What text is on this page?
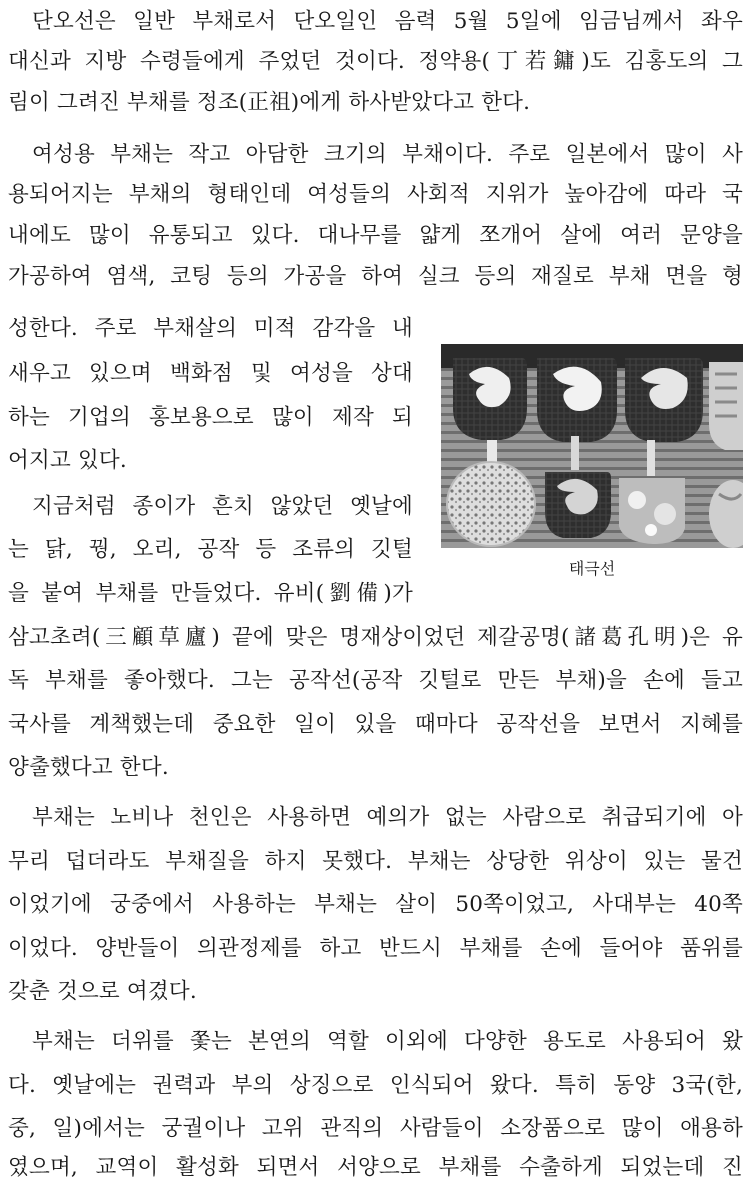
단오선은 일반 부채로서 단오일인 음력 5월 5일에 임금님께서 좌우
대신과 지방 수령들에게 주었던 것이다. 정약용(丁若鏞)도 김홍도의 그
림이 그려진 부채를 정조(正祖)에게 하사받았다고 한다.
여성용 부채는 작고 아담한 크기의 부채이다. 주로 일본에서 많이 사
용되어지는 부채의 형태인데 여성들의 사회적 지위가 높아감에 따라 국
내에도 많이 유통되고 있다. 대나무를 얇게 쪼개어 살에 여러 문양을
가공하여 염색, 코팅 등의 가공을 하여 실크 등의 재질로 부채 면을 형
성한다. 주로 부채살의 미적 감각을 내
새우고 있으며 백화점 및 여성을 상대
하는 기업의 홍보용으로 많이 제작 되
어지고 있다.
지금처럼 종이가 흔치 않았던 옛날에
는 닭, 꿩, 오리, 공작 등 조류의 깃털
을 붙여 부채를 만들었다. 유비(劉備)가
삼고초려(三顧草廬) 끝에 맞은 명재상이었던 제갈공명(諸葛孔明)은 유
독 부채를 좋아했다. 그는 공작선(공작 깃털로 만든 부채)을 손에 들고
국사를 계책했는데 중요한 일이 있을 때마다 공작선을 보면서 지혜를
양출했다고 한다.
부채는 노비나 천인은 사용하면 예의가 없는 사람으로 취급되기에 아
무리 덥더라도 부채질을 하지 못했다. 부채는 상당한 위상이 있는 물건
이었기에 궁중에서 사용하는 부채는 살이 50쪽이었고, 사대부는 40쪽
이었다. 양반들이 의관정제를 하고 반드시 부채를 손에 들어야 품위를
갖춘 것으로 여겼다.
부채는 더위를 쫓는 본연의 역할 이외에 다양한 용도로 사용되어 왔
다. 옛날에는 권력과 부의 상징으로 인식되어 왔다. 특히 동양 3국(한,
중, 일)에서는 궁궐이나 고위 관직의 사람들이 소장품으로 많이 애용하
였으며, 교역이 활성화 되면서 서양으로 부채를 수출하게 되었는데 진
태극선
